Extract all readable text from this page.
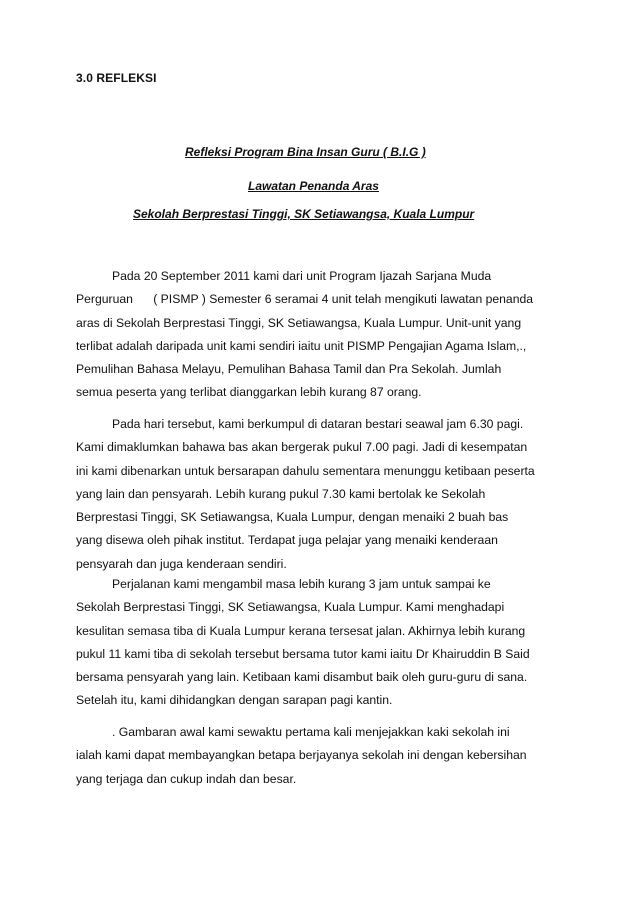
3.0 REFLEKSI
Refleksi Program Bina Insan Guru ( B.I.G )
Lawatan Penanda Aras
Sekolah Berprestasi Tinggi, SK Setiawangsa, Kuala Lumpur
Pada 20 September 2011 kami dari unit Program Ijazah Sarjana Muda
Perguruan      ( PISMP ) Semester 6 seramai 4 unit telah mengikuti lawatan penanda
aras di Sekolah Berprestasi Tinggi, SK Setiawangsa, Kuala Lumpur. Unit-unit yang
terlibat adalah daripada unit kami sendiri iaitu unit PISMP Pengajian Agama Islam,.,
Pemulihan Bahasa Melayu, Pemulihan Bahasa Tamil dan Pra Sekolah. Jumlah
semua peserta yang terlibat dianggarkan lebih kurang 87 orang.
Pada hari tersebut, kami berkumpul di dataran bestari seawal jam 6.30 pagi.
Kami dimaklumkan bahawa bas akan bergerak pukul 7.00 pagi. Jadi di kesempatan
ini kami dibenarkan untuk bersarapan dahulu sementara menunggu ketibaan peserta
yang lain dan pensyarah. Lebih kurang pukul 7.30 kami bertolak ke Sekolah
Berprestasi Tinggi, SK Setiawangsa, Kuala Lumpur, dengan menaiki 2 buah bas
yang disewa oleh pihak institut. Terdapat juga pelajar yang menaiki kenderaan
pensyarah dan juga kenderaan sendiri.
Perjalanan kami mengambil masa lebih kurang 3 jam untuk sampai ke
Sekolah Berprestasi Tinggi, SK Setiawangsa, Kuala Lumpur. Kami menghadapi
kesulitan semasa tiba di Kuala Lumpur kerana tersesat jalan. Akhirnya lebih kurang
pukul 11 kami tiba di sekolah tersebut bersama tutor kami iaitu Dr Khairuddin B Said
bersama pensyarah yang lain. Ketibaan kami disambut baik oleh guru-guru di sana.
Setelah itu, kami dihidangkan dengan sarapan pagi kantin.
. Gambaran awal kami sewaktu pertama kali menjejakkan kaki sekolah ini
ialah kami dapat membayangkan betapa berjayanya sekolah ini dengan kebersihan
yang terjaga dan cukup indah dan besar.
